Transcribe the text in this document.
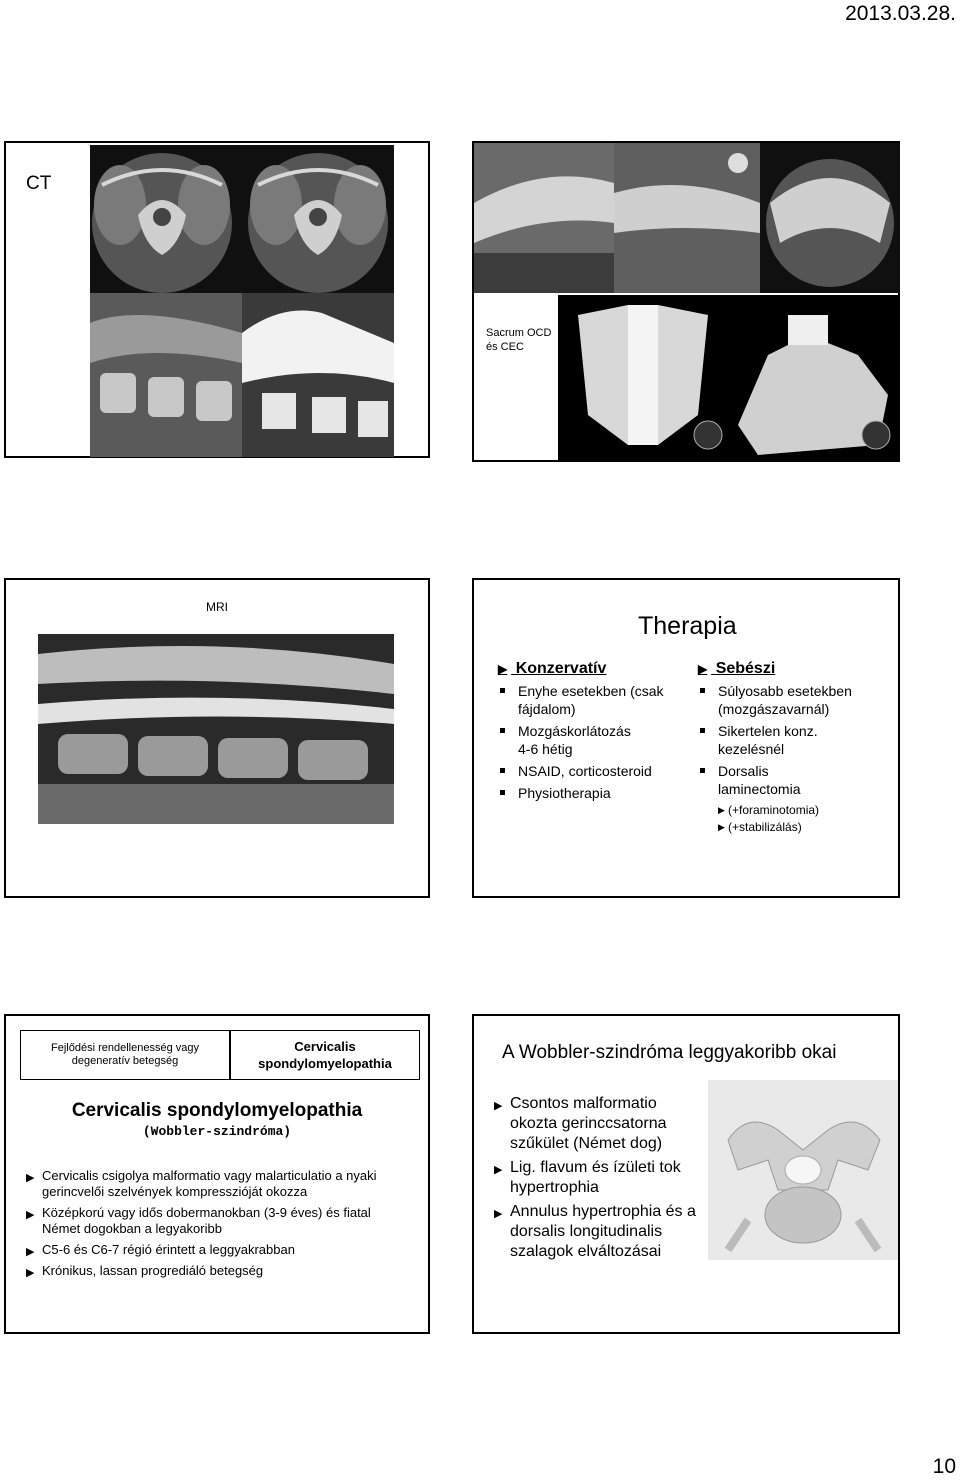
2013.03.28.
10
CT
Sacrum OCD és CEC
MRI
Therapia
▶ Konzervatív
Enyhe esetekben (csak fájdalom)
Mozgáskorlátozás 4-6 hétig
NSAID, corticosteroid
Physiotherapia
▶ Sebészi
Súlyosabb esetekben (mozgászavarnál)
Sikertelen konz. kezelésnél
Dorsalis laminectomia
▶ (+foraminotomia)
▶ (+stabilizálás)
Fejlődési rendellenesség vagy degeneratív betegség
Cervicalis spondylomyelopathia
Cervicalis spondylomyelopathia
(Wobbler-szindróma)
▶ Cervicalis csigolya malformatio vagy malarticulatio a nyaki gerincvelői szelvények kompresszióját okozza
▶ Középkorú vagy idős dobermanokban (3-9 éves) és fiatal Német dogokban a legyakoribb
▶ C5-6 és C6-7 régió érintett a leggyakrabban
▶ Krónikus, lassan progrediáló betegség
A Wobbler-szindróma leggyakoribb okai
▶ Csontos malformatio okozta gerinccsatorna szűkület (Német dog)
▶ Lig. flavum és ízületi tok hypertrophia
▶ Annulus hypertrophia és a dorsalis longitudinalis szalagok elváltozásai
